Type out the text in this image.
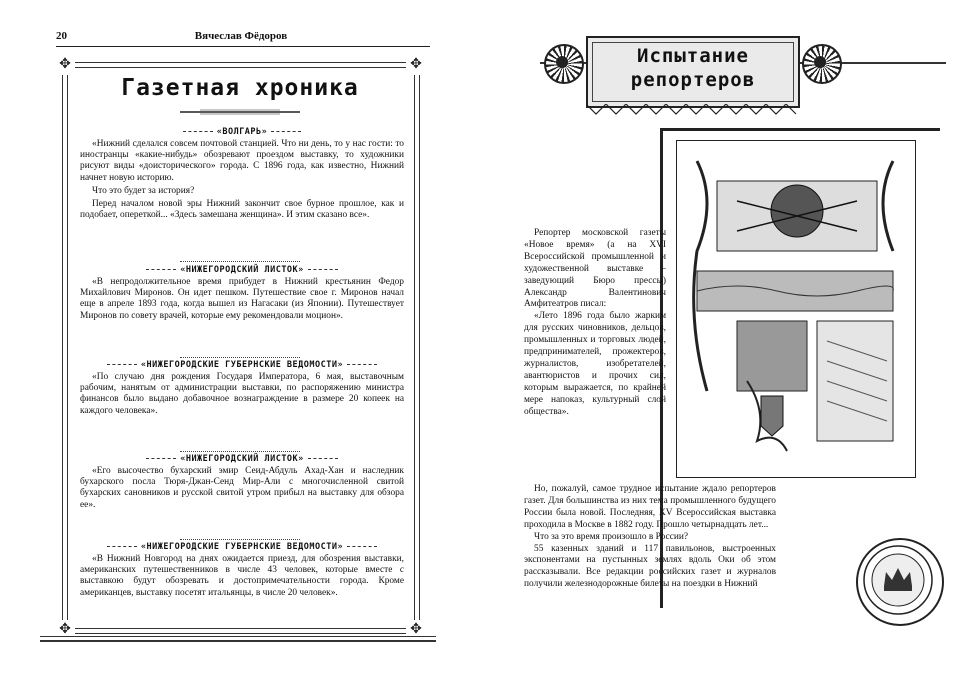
20	Вячеслав Фёдоров
✥	✥
✥	✥
Газетная хроника
«ВОЛГАРЬ»

«Нижний сделался совсем почтовой станцией. Что ни день, то у нас гости: то иностранцы «какие-нибудь» обозревают проездом выставку, то художники рисуют виды «доисторического» города. С 1896 года, как известно, Нижний начнет новую историю.

Что это будет за история?

Перед началом новой эры Нижний закончит свое бурное прошлое, как и подобает, опереткой... «Здесь замешана женщина». И этим сказано все».

«НИЖЕГОРОДСКИЙ ЛИСТОК»

«В непродолжительное время прибудет в Нижний крестьянин Федор Михайлович Миронов. Он идет пешком. Путешествие свое г. Миронов начал еще в апреле 1893 года, когда вышел из Нагасаки (из Японии). Путешествует Миронов по совету врачей, которые ему рекомендовали моцион».

«НИЖЕГОРОДСКИЕ ГУБЕРНСКИЕ ВЕДОМОСТИ»

«По случаю дня рождения Государя Императора, 6 мая, выставочным рабочим, нанятым от администрации выставки, по распоряжению министра финансов было выдано добавочное вознаграждение в размере 20 копеек на каждого человека».

«НИЖЕГОРОДСКИЙ ЛИСТОК»

«Его высочество бухарский эмир Сеид-Абдуль Ахад-Хан и наследник бухарского посла Тюря-Джан-Сенд Мир-Али с многочисленной свитой бухарских сановников и русской свитой утром прибыл на выставку для обзора ее».

«НИЖЕГОРОДСКИЕ ГУБЕРНСКИЕ ВЕДОМОСТИ»

«В Нижний Новгород на днях ожидается приезд, для обозрения выставки, американских путешественников в числе 43 человек, которые вместе с выставкою будут обозревать и достопримечательности города. Кроме американцев, выставку посетят итальянцы, в числе 20 человек».

Испытание
репортеров

Репортер московской газеты «Новое время» (а на XVI Всероссийской промышленной и художественной выставке – заведующий Бюро прессы) Александр Валентинович Амфитеатров писал:

«Лето 1896 года было жарким для русских чиновников, дельцов, промышленных и торговых людей, предпринимателей, прожектеров, журналистов, изобретателей, авантюристов и прочих сил, которым выражается, по крайней мере напоказ, культурный слой общества».

Но, пожалуй, самое трудное испытание ждало репортеров газет. Для большинства из них тема промышленного будущего России была новой. Последняя, XV Всероссийская выставка проходила в Москве в 1882 году. Прошло четырнадцать лет...

Что за это время произошло в России?

55 казенных зданий и 117 павильонов, выстроенных экспонентами на пустынных землях вдоль Оки об этом рассказывали. Все редакции российских газет и журналов получили железнодорожные билеты на поездки в Нижний
